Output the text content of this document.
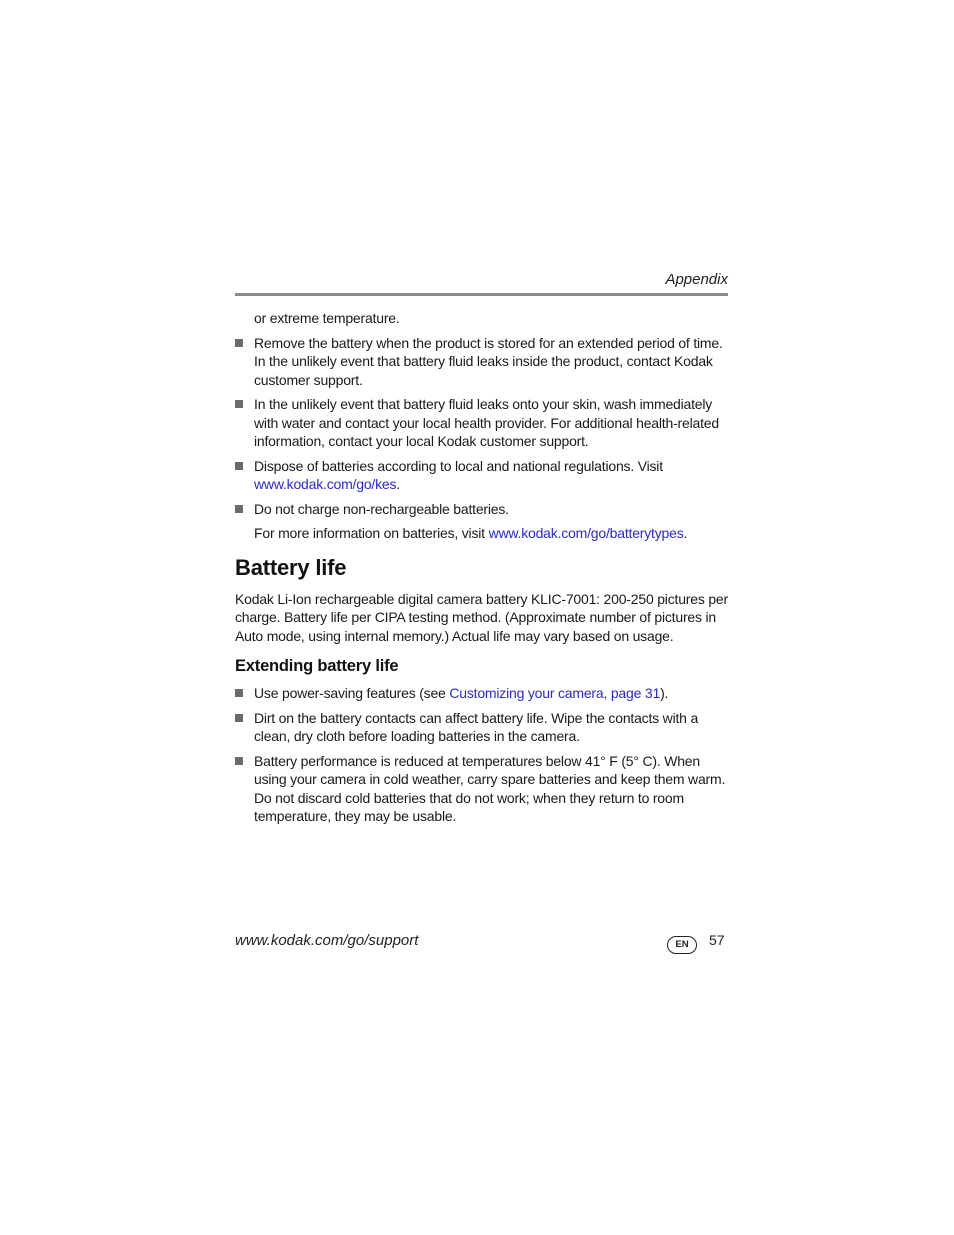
Appendix

or extreme temperature.

Remove the battery when the product is stored for an extended period of time. In the unlikely event that battery fluid leaks inside the product, contact Kodak customer support.
In the unlikely event that battery fluid leaks onto your skin, wash immediately with water and contact your local health provider. For additional health-related information, contact your local Kodak customer support.
Dispose of batteries according to local and national regulations. Visit
www.kodak.com/go/kes.
Do not charge non-rechargeable batteries.

For more information on batteries, visit www.kodak.com/go/batterytypes.

Battery life

Kodak Li-Ion rechargeable digital camera battery KLIC-7001: 200-250 pictures per charge. Battery life per CIPA testing method. (Approximate number of pictures in Auto mode, using internal memory.) Actual life may vary based on usage.

Extending battery life
Use power-saving features (see Customizing your camera, page 31).
Dirt on the battery contacts can affect battery life. Wipe the contacts with a clean, dry cloth before loading batteries in the camera.
Battery performance is reduced at temperatures below 41° F (5° C). When using your camera in cold weather, carry spare batteries and keep them warm. Do not discard cold batteries that do not work; when they return to room temperature, they may be usable.
www.kodak.com/go/support	EN	57
